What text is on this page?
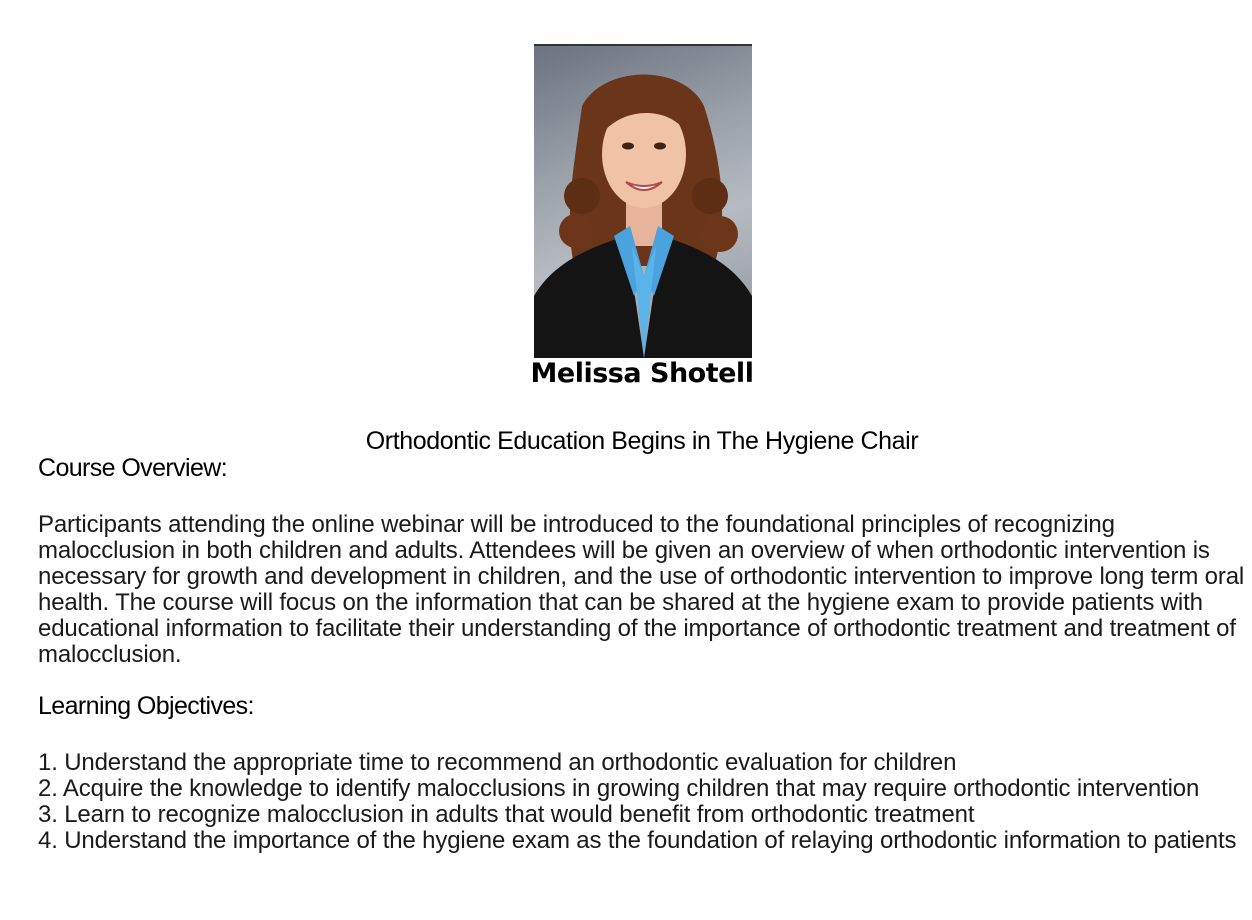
Melissa Shotell
Orthodontic Education Begins in The Hygiene Chair
Course Overview:
Participants attending the online webinar will be introduced to the foundational principles of recognizing malocclusion in both children and adults. Attendees will be given an overview of when orthodontic intervention is necessary for growth and development in children, and the use of orthodontic intervention to improve long term oral health. The course will focus on the information that can be shared at the hygiene exam to provide patients with educational information to facilitate their understanding of the importance of orthodontic treatment and treatment of malocclusion.
Learning Objectives:
1. Understand the appropriate time to recommend an orthodontic evaluation for children
2. Acquire the knowledge to identify malocclusions in growing children that may require orthodontic intervention
3. Learn to recognize malocclusion in adults that would benefit from orthodontic treatment
4. Understand the importance of the hygiene exam as the foundation of relaying orthodontic information to patients
